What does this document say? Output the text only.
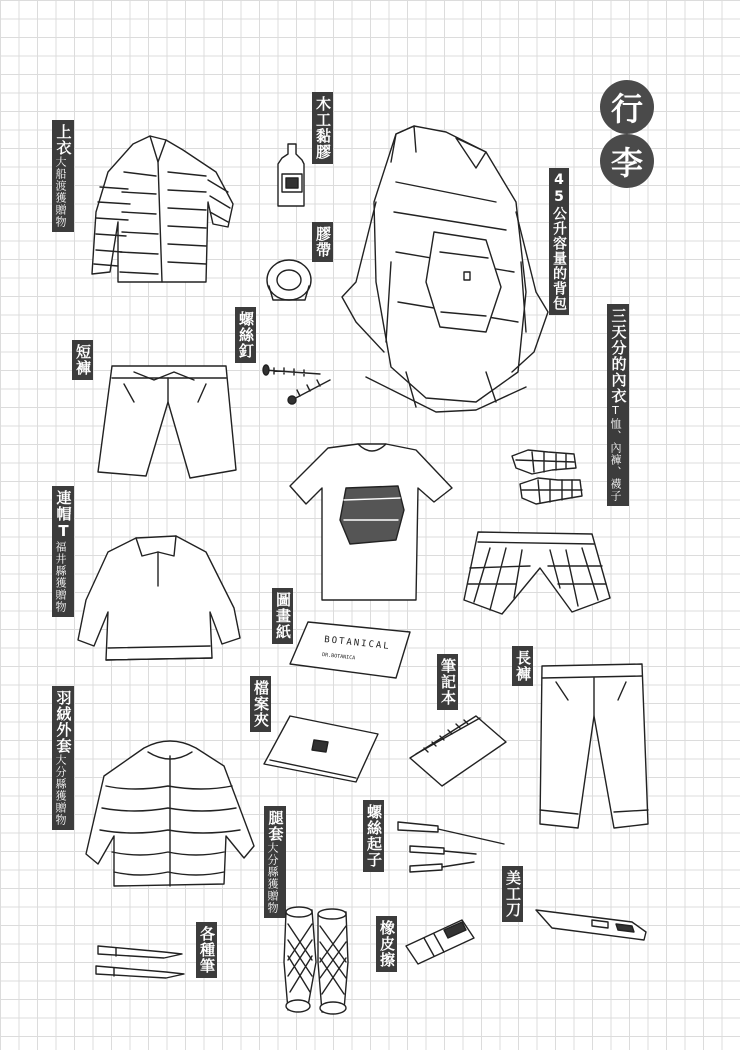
行
李
上衣
大船渡獲贈物
木工黏膠
膠帶
螺絲釘
45公升容量的背包
三天分的內衣
T恤、內褲、襪子
短褲
連帽T
福井縣獲贈物
圖畫紙
檔案夾	筆記本	長褲
羽絨外套
大分縣獲贈物	腿套
大分縣獲贈物
螺絲起子
美工刀
橡皮擦
各種筆
BOTANICAL
DR.BOTANICA
